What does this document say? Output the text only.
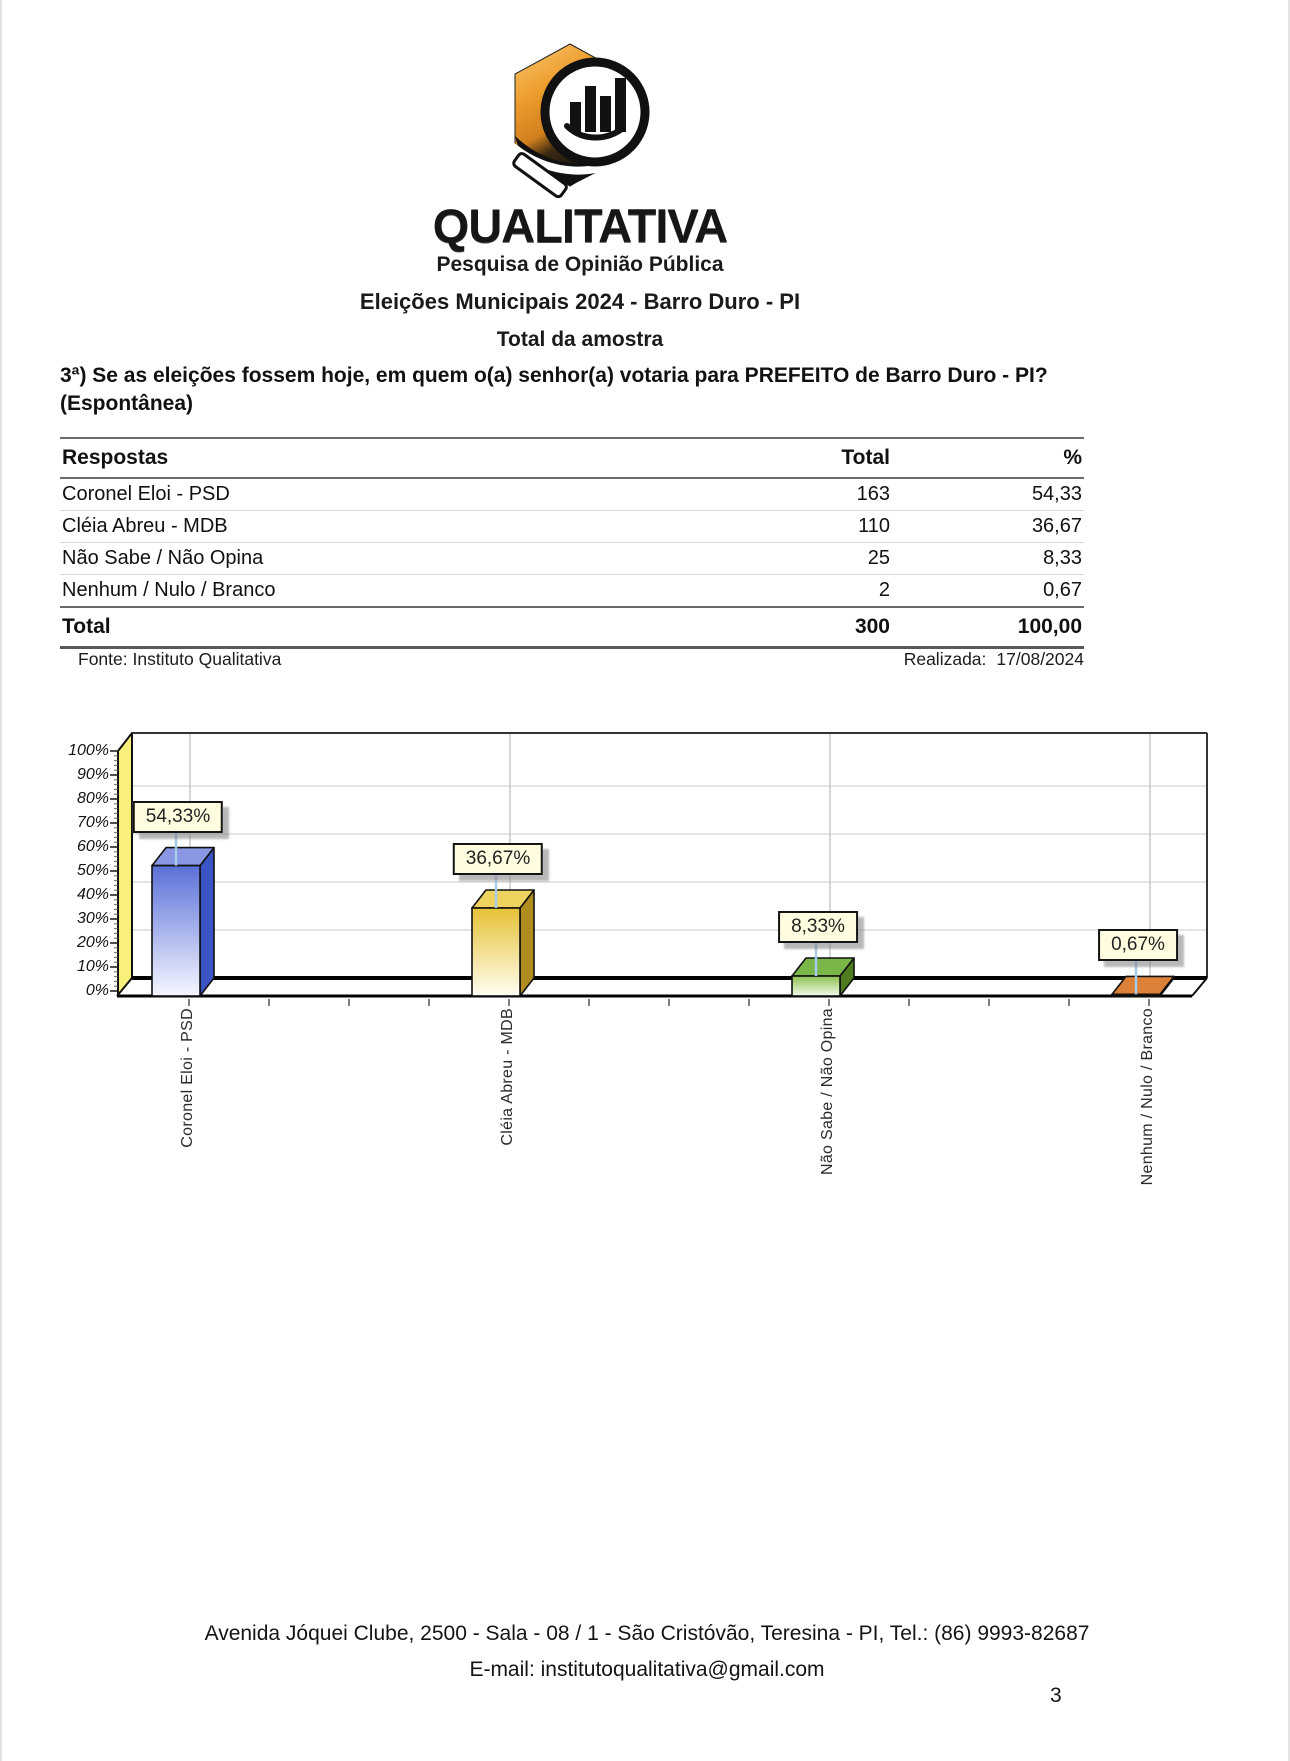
QUALITATIVA
Pesquisa de Opinião Pública
Eleições Municipais 2024 - Barro Duro - PI
Total da amostra
3ª) Se as eleições fossem hoje, em quem o(a) senhor(a) votaria para PREFEITO de Barro Duro - PI?
(Espontânea)
Respostas	Total	%
Coronel Eloi - PSD	163	54,33
Cléia Abreu - MDB	110	36,67
Não Sabe / Não Opina	25	8,33
Nenhum / Nulo / Branco	2	0,67
Total	300	100,00
Fonte: Instituto Qualitativa	Realizada: 17/08/2024
100%
90%
80%
70%
60%
50%
40%
30%
20%
10%
0%
54,33%
36,67%
8,33%
0,67%
Coronel Eloi - PSD	Cléia Abreu - MDB	Não Sabe / Não Opina	Nenhum / Nulo / Branco
Avenida Jóquei Clube, 2500 - Sala - 08 / 1 - São Cristóvão, Teresina - PI, Tel.: (86) 9993-82687
E-mail: institutoqualitativa@gmail.com
3
